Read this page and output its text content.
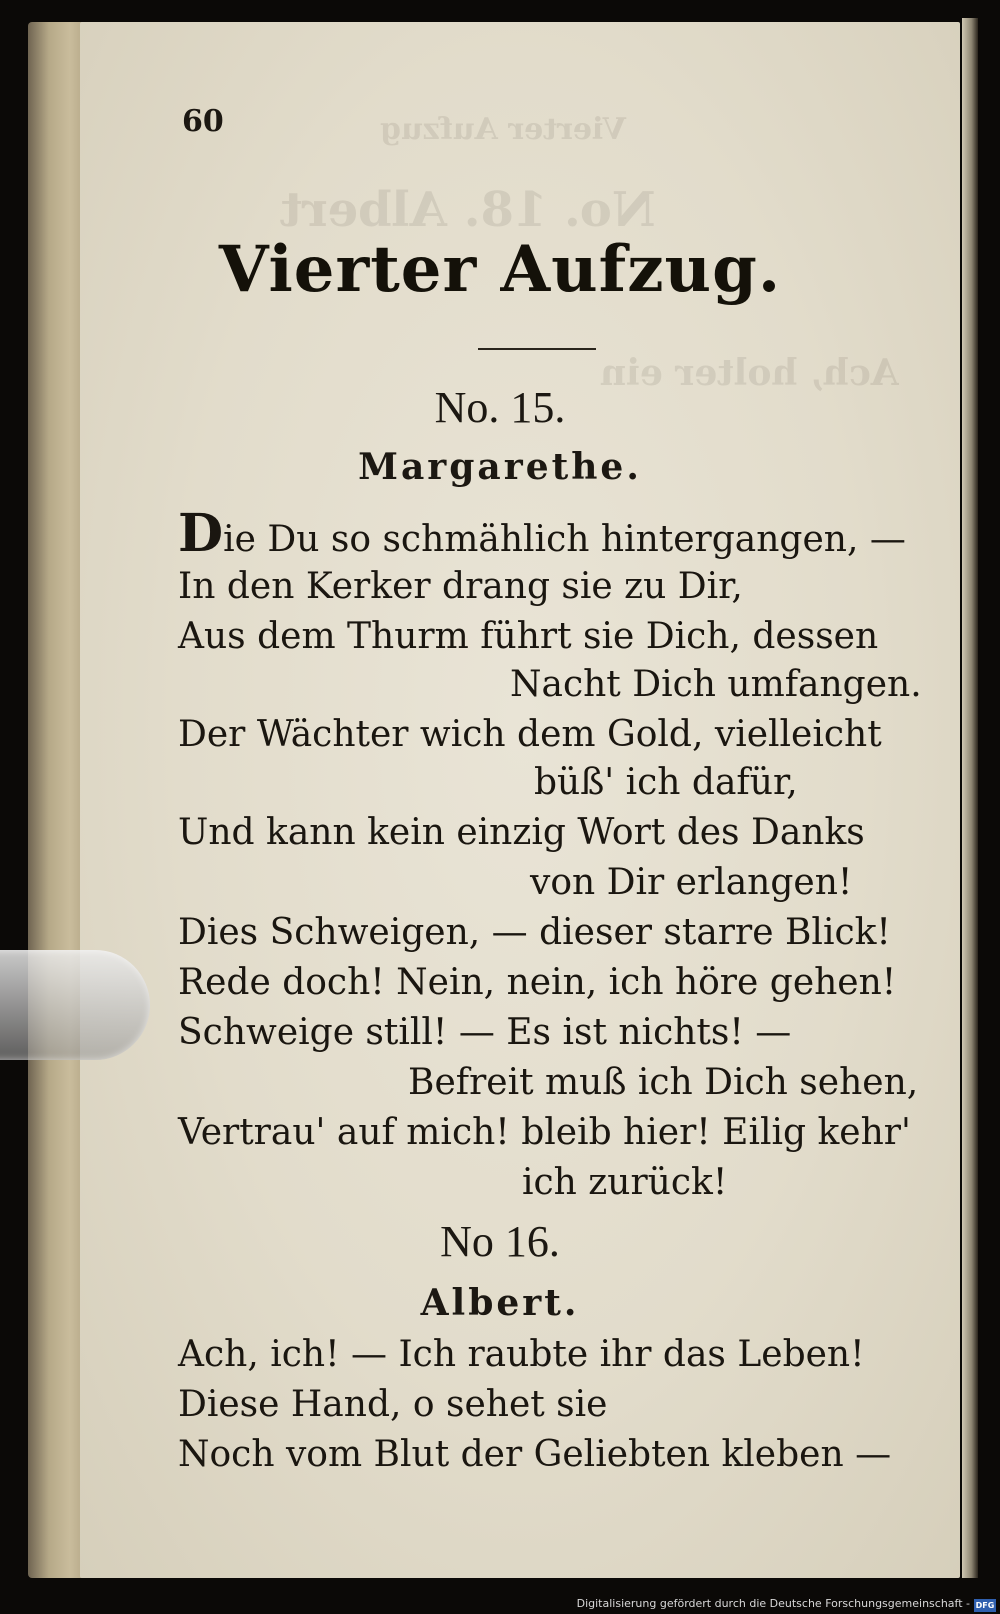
Vierter Aufzug
No. 18. Albert
Ach, holter ein
60
Vierter Aufzug.
No. 15.
Margarethe.
Die Du so schmählich hintergangen, —
In den Kerker drang sie zu Dir,
Aus dem Thurm führt sie Dich, dessen
Nacht Dich umfangen.
Der Wächter wich dem Gold, vielleicht
büß' ich dafür,
Und kann kein einzig Wort des Danks
von Dir erlangen!
Dies Schweigen, — dieser starre Blick!
Rede doch! Nein, nein, ich höre gehen!
Schweige still! — Es ist nichts! —
Befreit muß ich Dich sehen,
Vertrau' auf mich! bleib hier! Eilig kehr'
ich zurück!
No 16.
Albert.
Ach, ich! — Ich raubte ihr das Leben!
Diese Hand, o sehet sie
Noch vom Blut der Geliebten kleben —
Digitalisierung gefördert durch die Deutsche Forschungsgemeinschaft - DFG
